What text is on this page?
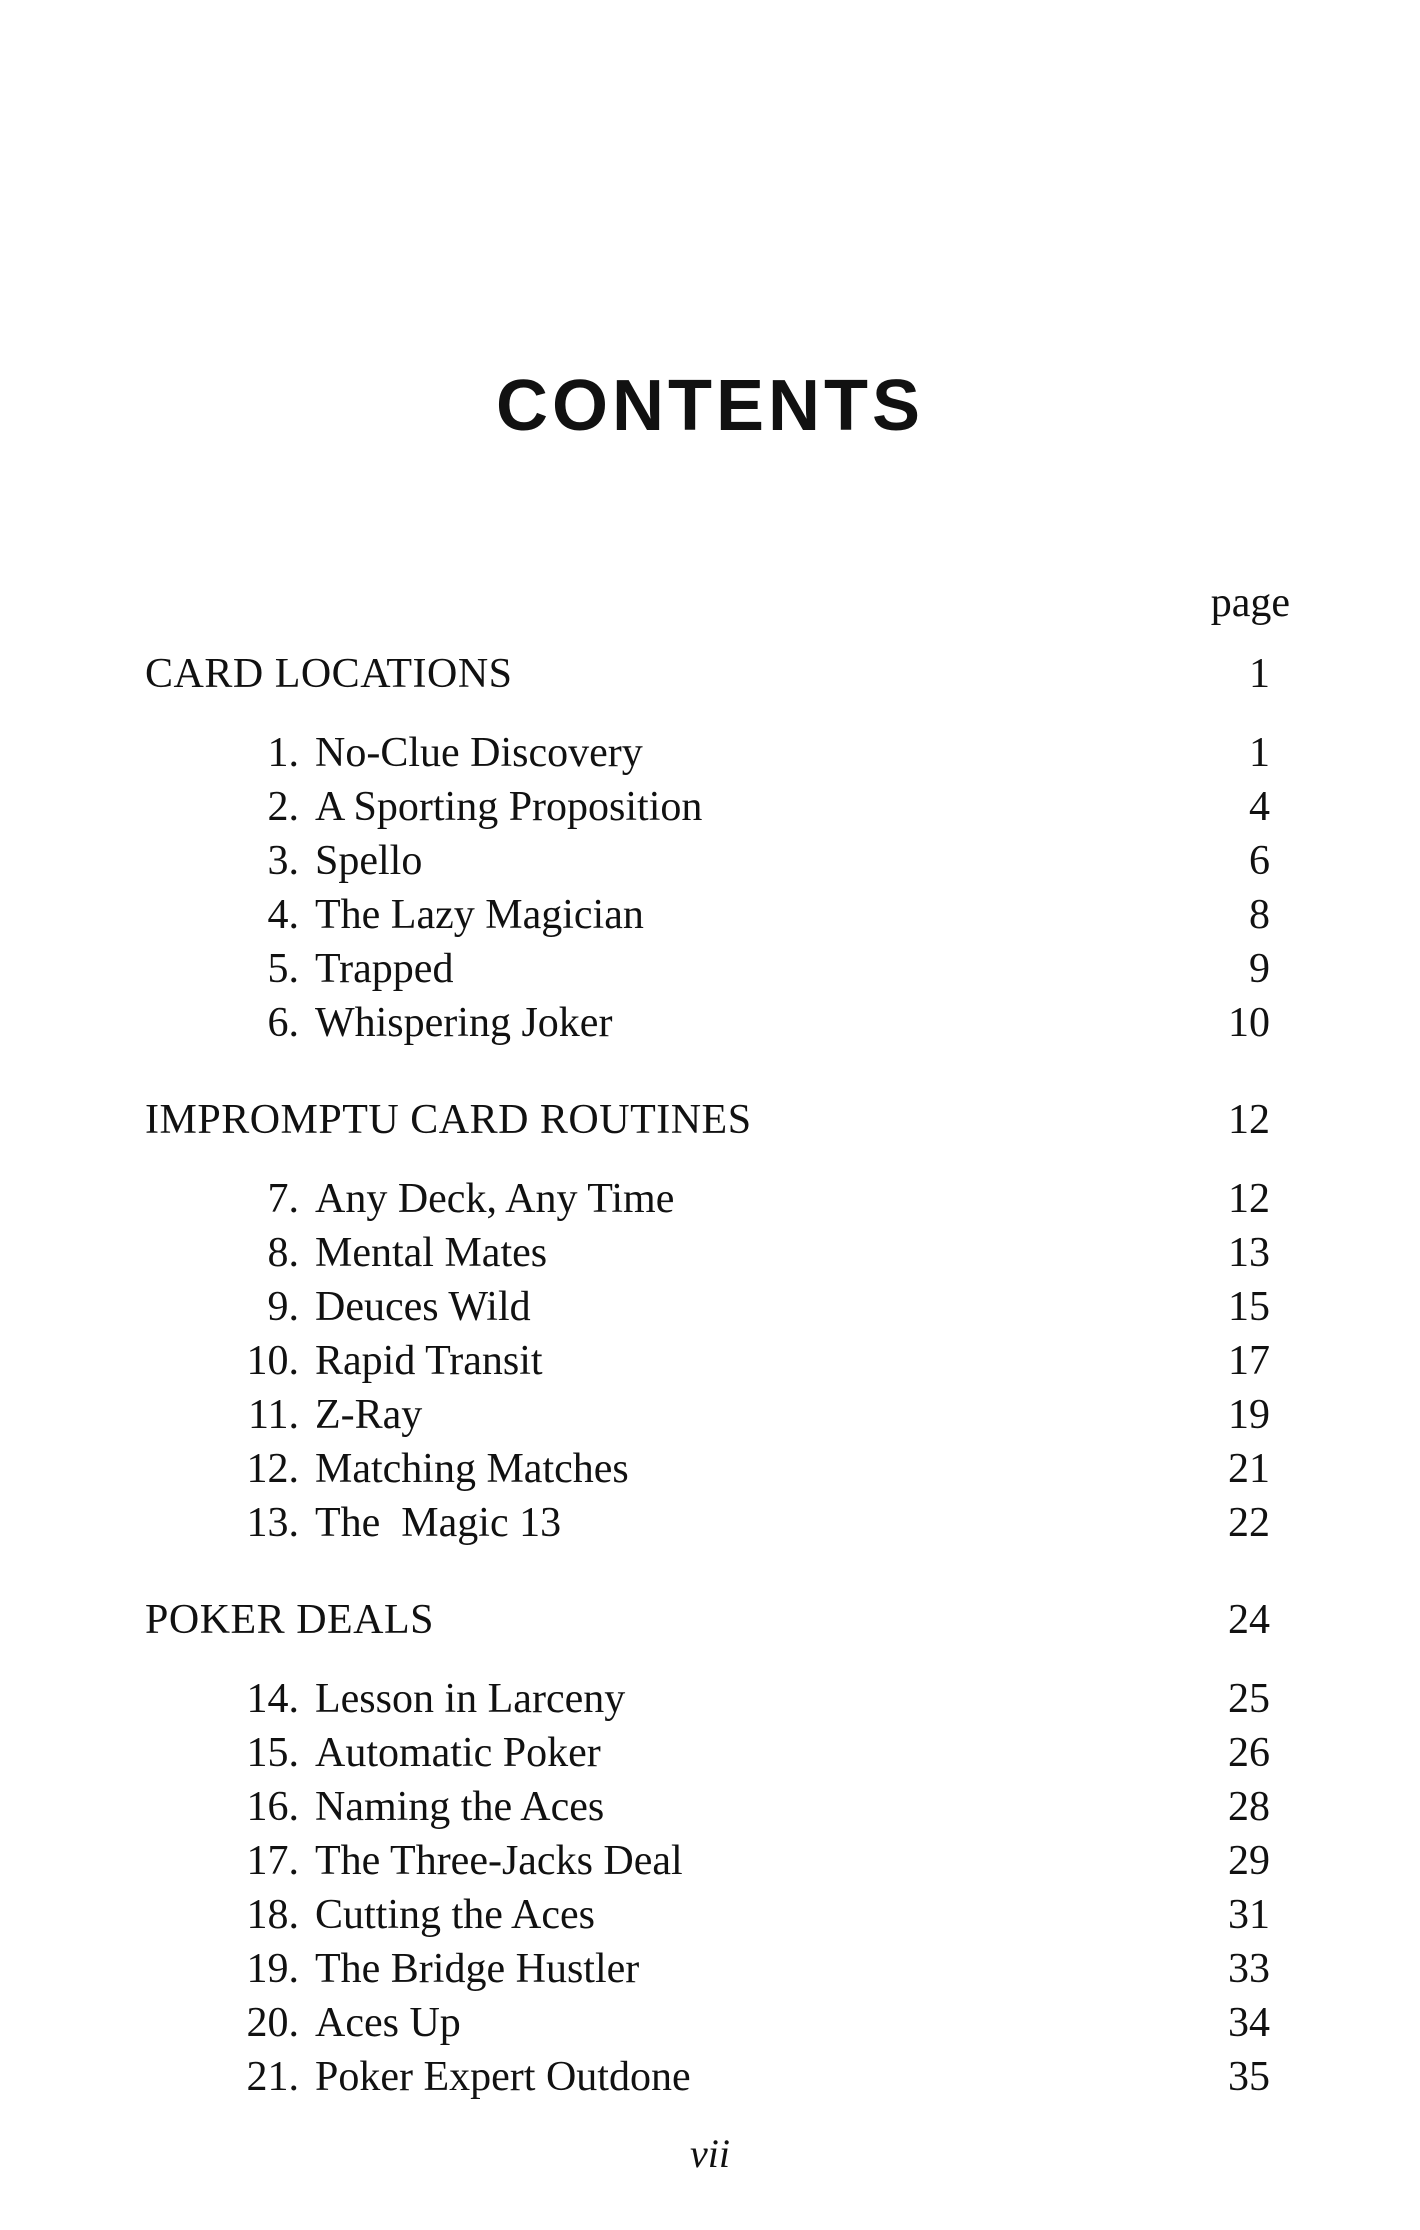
CONTENTS
page
CARD LOCATIONS	1
1. No-Clue Discovery	1
2. A Sporting Proposition	4
3. Spello	6
4. The Lazy Magician	8
5. Trapped	9
6. Whispering Joker	10
IMPROMPTU CARD ROUTINES	12
7. Any Deck, Any Time	12
8. Mental Mates	13
9. Deuces Wild	15
10. Rapid Transit	17
11. Z-Ray	19
12. Matching Matches	21
13. The  Magic 13	22
POKER DEALS	24
14. Lesson in Larceny	25
15. Automatic Poker	26
16. Naming the Aces	28
17. The Three-Jacks Deal	29
18. Cutting the Aces	31
19. The Bridge Hustler	33
20. Aces Up	34
21. Poker Expert Outdone	35
vii
